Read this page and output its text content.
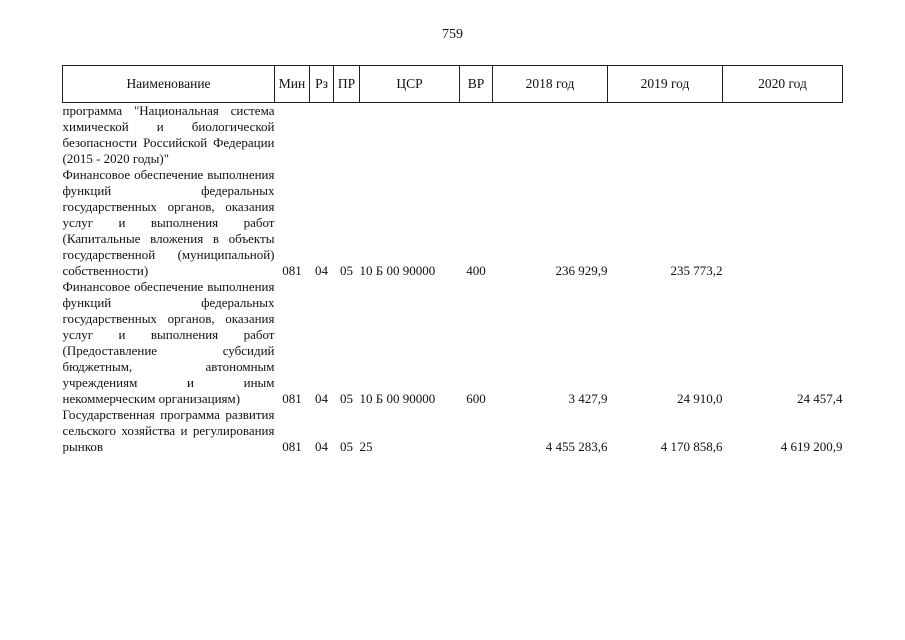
759
Наименование	Мин	Рз	ПР	ЦСР	ВР	2018 год	2019 год	2020 год
программа "Национальная система химической и биологической безопасности Российской Федерации (2015 - 2020 годы)"								
Финансовое обеспечение выполнения функций федеральных государственных органов, оказания услуг и выполнения работ (Капитальные вложения в объекты государственной (муниципальной) собственности)	081	04	05	10 Б 00 90000	400	236 929,9	235 773,2	
Финансовое обеспечение выполнения функций федеральных государственных органов, оказания услуг и выполнения работ (Предоставление субсидий бюджетным, автономным учреждениям и иным некоммерческим организациям)	081	04	05	10 Б 00 90000	600	3 427,9	24 910,0	24 457,4
Государственная программа развития сельского хозяйства и регулирования рынков	081	04	05	25		4 455 283,6	4 170 858,6	4 619 200,9
